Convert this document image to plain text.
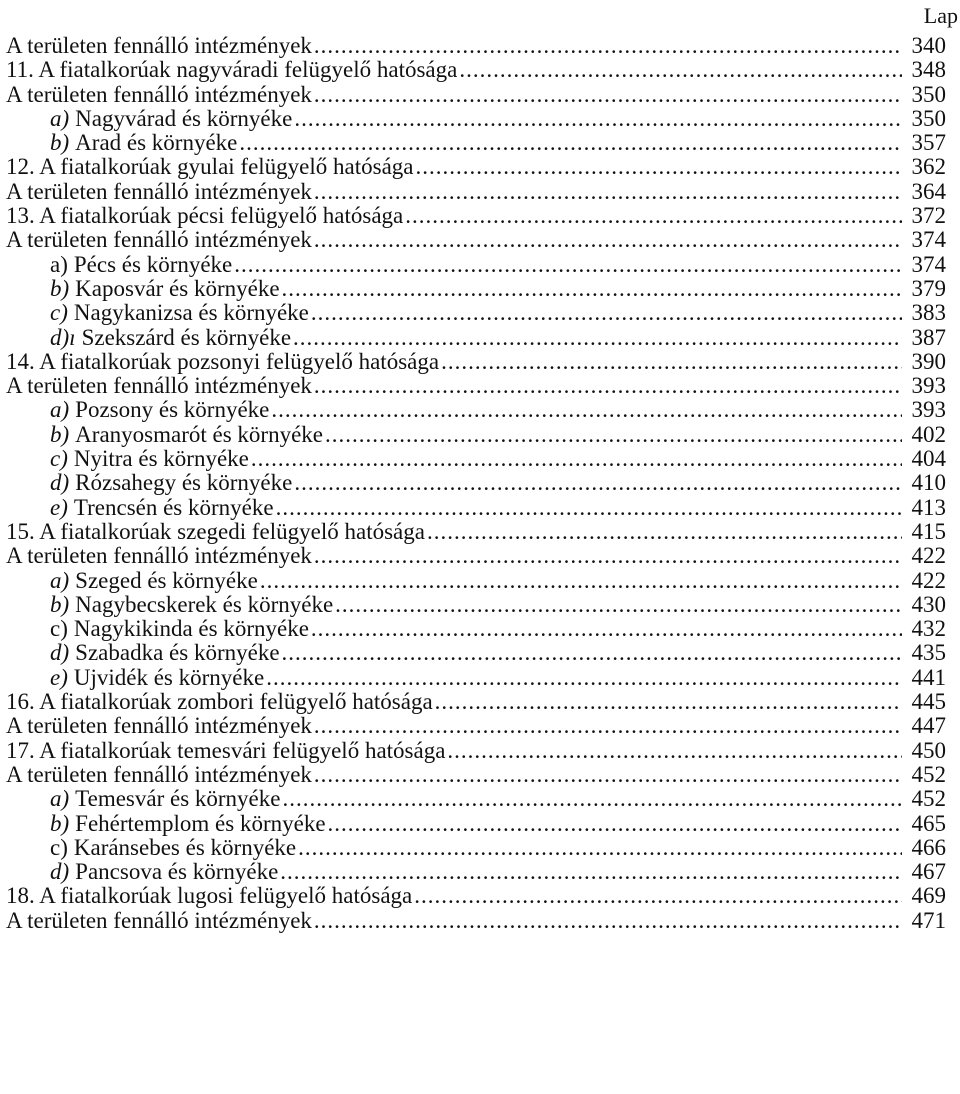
Lap
A területen fennálló intézmények .....	340
11. A fiatalkorúak nagyváradi felügyelő hatósága .....	348
A területen fennálló intézmények .....	350
a) Nagyvárad és környéke .....	350
b) Arad és környéke .....	357
12. A fiatalkorúak gyulai felügyelő hatósága .....	362
A területen fennálló intézmények .....	364
13. A fiatalkorúak pécsi felügyelő hatósága .....	372
A területen fennálló intézmények .....	374
a) Pécs és környéke .....	374
b) Kaposvár és környéke .....	379
c) Nagykanizsa és környéke .....	383
d)ı Szekszárd és környéke .....	387
14. A fiatalkorúak pozsonyi felügyelő hatósága .....	390
A területen fennálló intézmények .....	393
a) Pozsony és környéke .....	393
b) Aranyosmarót és környéke .....	402
c) Nyitra és környéke .....	404
d) Rózsahegy és környéke .....	410
e) Trencsén és környéke .....	413
15. A fiatalkorúak szegedi felügyelő hatósága .....	415
A területen fennálló intézmények .....	422
a) Szeged és környéke .....	422
b) Nagybecskerek és környéke .....	430
c) Nagykikinda és környéke .....	432
d) Szabadka és környéke .....	435
e) Ujvidék és környéke .....	441
16. A fiatalkorúak zombori felügyelő hatósága .....	445
A területen fennálló intézmények .....	447
17. A fiatalkorúak temesvári felügyelő hatósága .....	450
A területen fennálló intézmények .....	452
a) Temesvár és környéke .....	452
b) Fehértemplom és környéke .....	465
c) Karánsebes és környéke .....	466
d) Pancsova és környéke .....	467
18. A fiatalkorúak lugosi felügyelő hatósága .....	469
A területen fennálló intézmények .....	471
